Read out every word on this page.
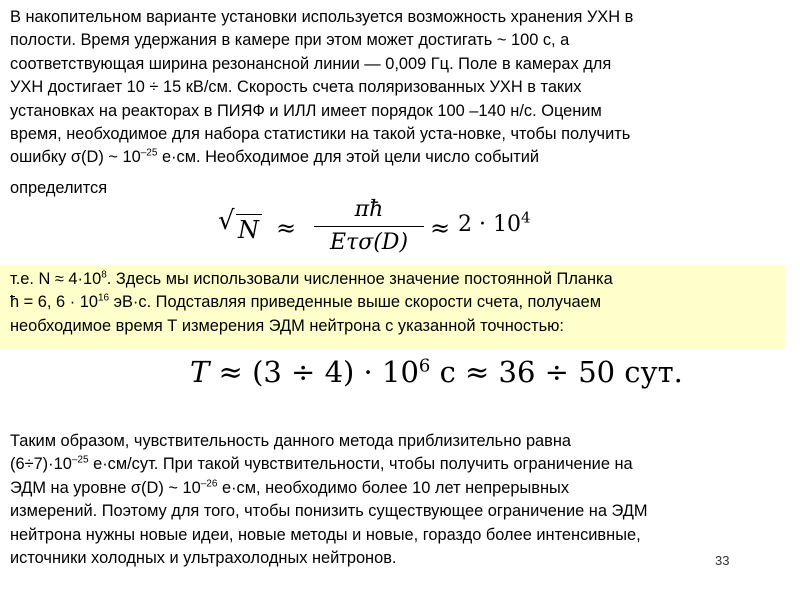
В накопительном варианте установки используется возможность хранения УХН в
полости. Время удержания в камере при этом может достигать ~ 100 с, а
соответствующая ширина резонансной линии — 0,009 Гц. Поле в камерах для
УХН достигает 10 ÷ 15 кВ/см. Скорость счета поляризованных УХН в таких
установках на реакторах в ПИЯФ и ИЛЛ имеет порядок 100 –140 н/с. Оценим
время, необходимое для набора статистики на такой уста-новке, чтобы получить
ошибку σ(D) ~ $10^{-25}$ е·см. Необходимое для этой цели число событий
определится
√ N ≈
πħ
Eτσ(D)
≈ $2 \cdot 10^4$
т.е. $N \approx 4\cdot 10^8$. Здесь мы использовали численное значение постоянной Планка
ħ = 6, $6 \cdot 10^{16}$ эВ·с. Подставляя приведенные выше скорости счета, получаем
необходимое время Т измерения ЭДМ нейтрона с указанной точностью:
$T \approx (3 \div 4) \cdot 10^6$ с ≈ 36 ÷ 50 сут.
Таким образом, чувствительность данного метода приблизительно равна
$(6\div 7)\cdot 10^{-25}$ е·см/сут. При такой чувствительности, чтобы получить ограничение на
ЭДМ на уровне σ(D) ~ $10^{-26}$ е·см, необходимо более 10 лет непрерывных
измерений. Поэтому для того, чтобы понизить существующее ограничение на ЭДМ
нейтрона нужны новые идеи, новые методы и новые, гораздо более интенсивные,
источники холодных и ультрахолодных нейтронов.	33
